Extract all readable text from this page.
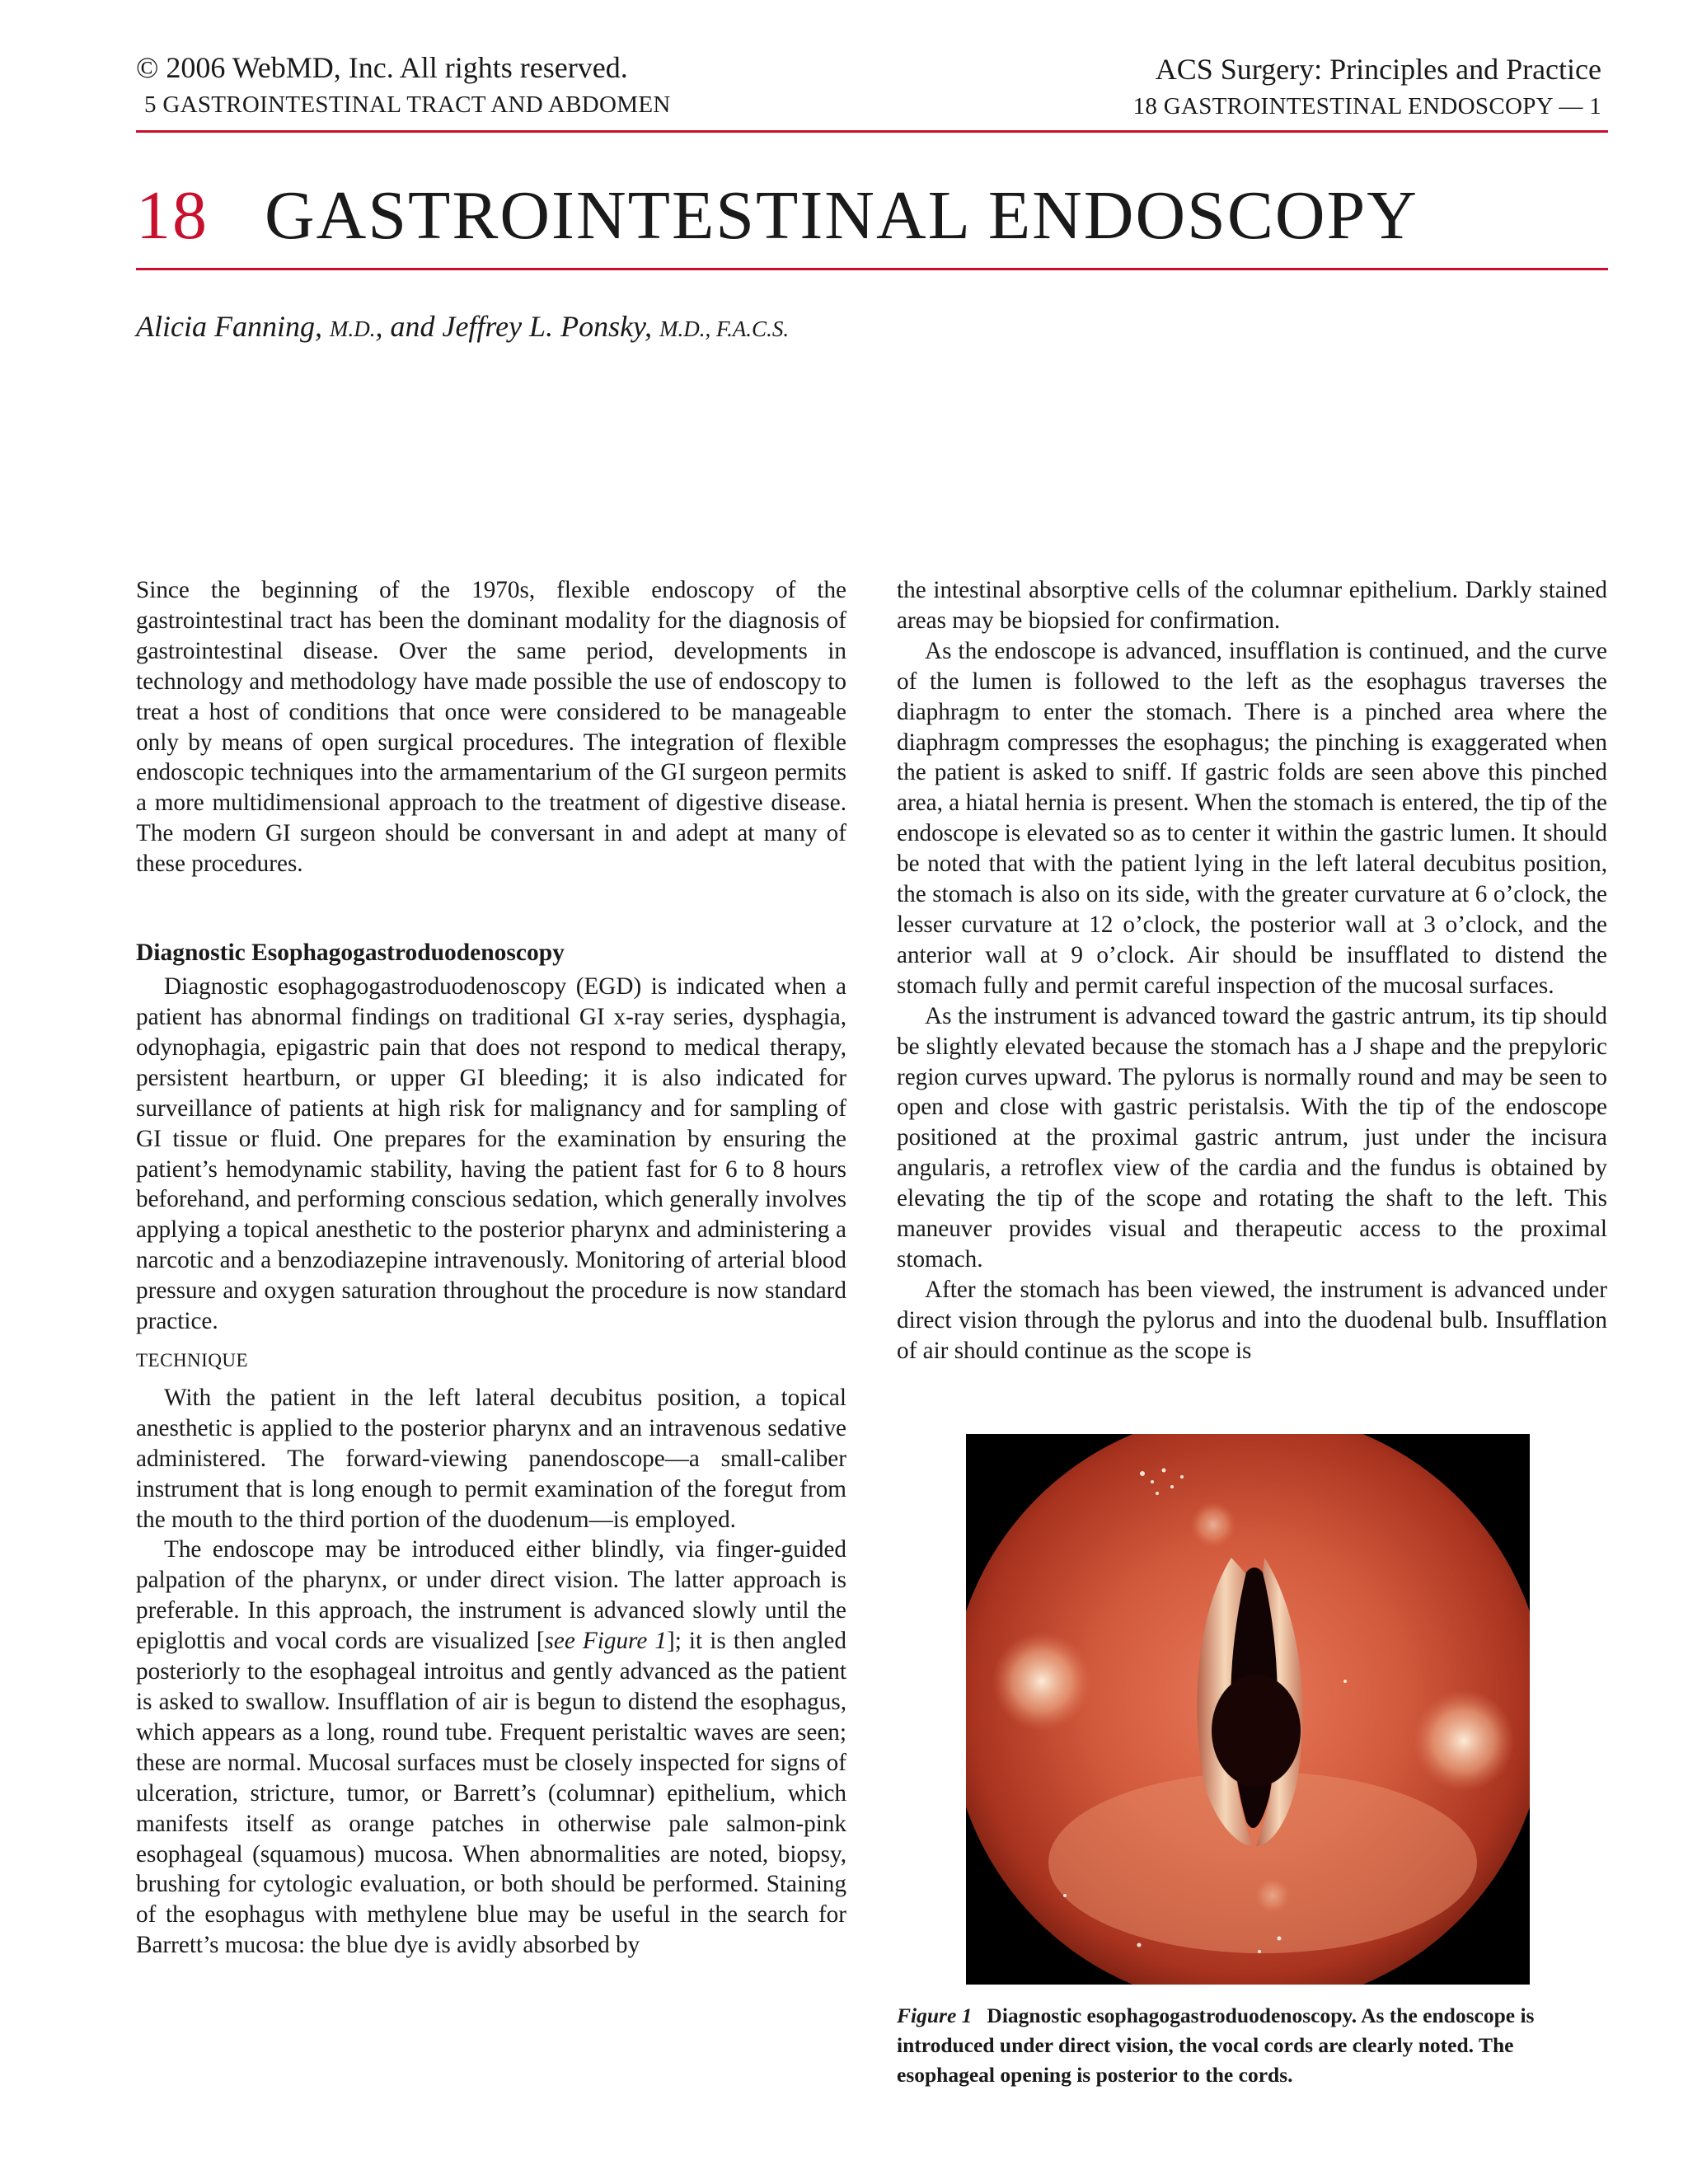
© 2006 WebMD, Inc. All rights reserved.
5 GASTROINTESTINAL TRACT AND ABDOMEN
ACS Surgery: Principles and Practice
18 GASTROINTESTINAL ENDOSCOPY — 1
18 GASTROINTESTINAL ENDOSCOPY
Alicia Fanning, M.D., and Jeffrey L. Ponsky, M.D., F.A.C.S.

Since the beginning of the 1970s, flexible endoscopy of the gastrointestinal tract has been the dominant modality for the diagnosis of gastrointestinal disease. Over the same period, developments in technology and methodology have made possible the use of endoscopy to treat a host of conditions that once were considered to be manageable only by means of open surgical procedures. The integration of flexible endoscopic techniques into the armamentarium of the GI surgeon permits a more multidimensional approach to the treatment of digestive disease. The modern GI surgeon should be conversant in and adept at many of these procedures.

Diagnostic Esophagogastroduodenoscopy

Diagnostic esophagogastroduodenoscopy (EGD) is indicated when a patient has abnormal findings on traditional GI x-ray series, dysphagia, odynophagia, epigastric pain that does not respond to medical therapy, persistent heartburn, or upper GI bleeding; it is also indicated for surveillance of patients at high risk for malignancy and for sampling of GI tissue or fluid. One prepares for the examination by ensuring the patient’s hemodynamic stability, having the patient fast for 6 to 8 hours beforehand, and performing conscious sedation, which generally involves applying a topical anesthetic to the posterior pharynx and administering a narcotic and a benzodiazepine intravenously. Monitoring of arterial blood pressure and oxygen saturation throughout the procedure is now standard practice.

TECHNIQUE

With the patient in the left lateral decubitus position, a topical anesthetic is applied to the posterior pharynx and an intravenous sedative administered. The forward-viewing panendoscope—a small-caliber instrument that is long enough to permit examination of the foregut from the mouth to the third portion of the duodenum—is employed.

The endoscope may be introduced either blindly, via finger-guided palpation of the pharynx, or under direct vision. The latter approach is preferable. In this approach, the instrument is advanced slowly until the epiglottis and vocal cords are visualized [see Figure 1]; it is then angled posteriorly to the esophageal introitus and gently advanced as the patient is asked to swallow. Insufflation of air is begun to distend the esophagus, which appears as a long, round tube. Frequent peristaltic waves are seen; these are normal. Mucosal surfaces must be closely inspected for signs of ulceration, stricture, tumor, or Barrett’s (columnar) epithelium, which manifests itself as orange patches in otherwise pale salmon-pink esophageal (squamous) mucosa. When abnormalities are noted, biopsy, brushing for cytologic evaluation, or both should be performed. Staining of the esophagus with methylene blue may be useful in the search for Barrett’s mucosa: the blue dye is avidly absorbed by

the intestinal absorptive cells of the columnar epithelium. Darkly stained areas may be biopsied for confirmation.

As the endoscope is advanced, insufflation is continued, and the curve of the lumen is followed to the left as the esophagus traverses the diaphragm to enter the stomach. There is a pinched area where the diaphragm compresses the esophagus; the pinching is exaggerated when the patient is asked to sniff. If gastric folds are seen above this pinched area, a hiatal hernia is present. When the stomach is entered, the tip of the endoscope is elevated so as to center it within the gastric lumen. It should be noted that with the patient lying in the left lateral decubitus position, the stomach is also on its side, with the greater curvature at 6 o’clock, the lesser curvature at 12 o’clock, the posterior wall at 3 o’clock, and the anterior wall at 9 o’clock. Air should be insufflated to distend the stomach fully and permit careful inspection of the mucosal surfaces.

As the instrument is advanced toward the gastric antrum, its tip should be slightly elevated because the stomach has a J shape and the prepyloric region curves upward. The pylorus is normally round and may be seen to open and close with gastric peristalsis. With the tip of the endoscope positioned at the proximal gastric antrum, just under the incisura angularis, a retroflex view of the cardia and the fundus is obtained by elevating the tip of the scope and rotating the shaft to the left. This maneuver provides visual and therapeutic access to the proximal stomach.

After the stomach has been viewed, the instrument is advanced under direct vision through the pylorus and into the duodenal bulb. Insufflation of air should continue as the scope is

Figure 1 Diagnostic esophagogastroduodenoscopy. As the endoscope is introduced under direct vision, the vocal cords are clearly noted. The esophageal opening is posterior to the cords.
